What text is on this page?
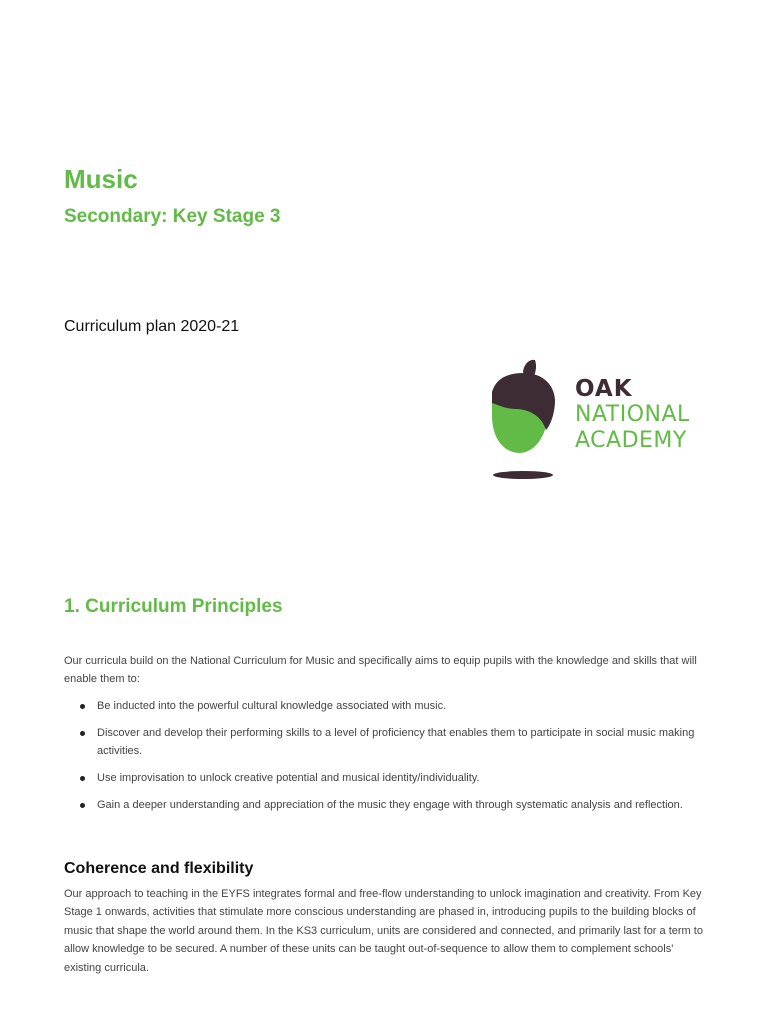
Music
Secondary: Key Stage 3
Curriculum plan 2020-21
OAK
NATIONAL
ACADEMY
1. Curriculum Principles

Our curricula build on the National Curriculum for Music and specifically aims to equip pupils with the knowledge and skills that will enable them to:

Be inducted into the powerful cultural knowledge associated with music.
Discover and develop their performing skills to a level of proficiency that enables them to participate in social music making activities.
Use improvisation to unlock creative potential and musical identity/individuality.
Gain a deeper understanding and appreciation of the music they engage with through systematic analysis and reflection.
Coherence and flexibility

Our approach to teaching in the EYFS integrates formal and free-flow understanding to unlock imagination and creativity. From Key Stage 1 onwards, activities that stimulate more conscious understanding are phased in, introducing pupils to the building blocks of music that shape the world around them. In the KS3 curriculum, units are considered and connected, and primarily last for a term to allow knowledge to be secured. A number of these units can be taught out-of-sequence to allow them to complement schools' existing curricula.
